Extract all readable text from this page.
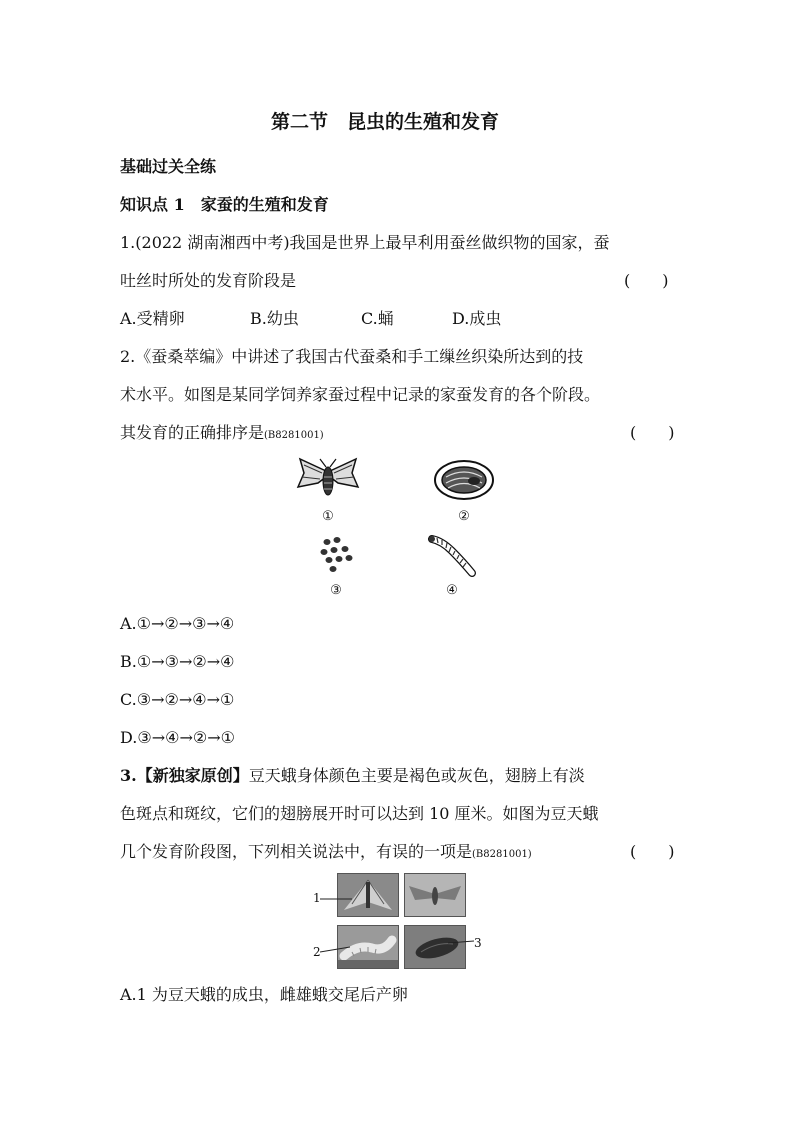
第二节　昆虫的生殖和发育
基础过关全练
知识点 1　家蚕的生殖和发育
1.(2022 湖南湘西中考)我国是世界上最早利用蚕丝做织物的国家，蚕
吐丝时所处的发育阶段是	(　　)
A.受精卵	B.幼虫	C.蛹	D.成虫
2.《蚕桑萃编》中讲述了我国古代蚕桑和手工缫丝织染所达到的技
术水平。如图是某同学饲养家蚕过程中记录的家蚕发育的各个阶段。
其发育的正确排序是(B8281001)	(　　)
①	②
③	④
A.①→②→③→④
B.①→③→②→④
C.③→②→④→①
D.③→④→②→①
3.【新独家原创】豆天蛾身体颜色主要是褐色或灰色，翅膀上有淡
色斑点和斑纹，它们的翅膀展开时可以达到 10 厘米。如图为豆天蛾
几个发育阶段图，下列相关说法中，有误的一项是(B8281001)	(　　)
1
2
3
A.1 为豆天蛾的成虫，雌雄蛾交尾后产卵
